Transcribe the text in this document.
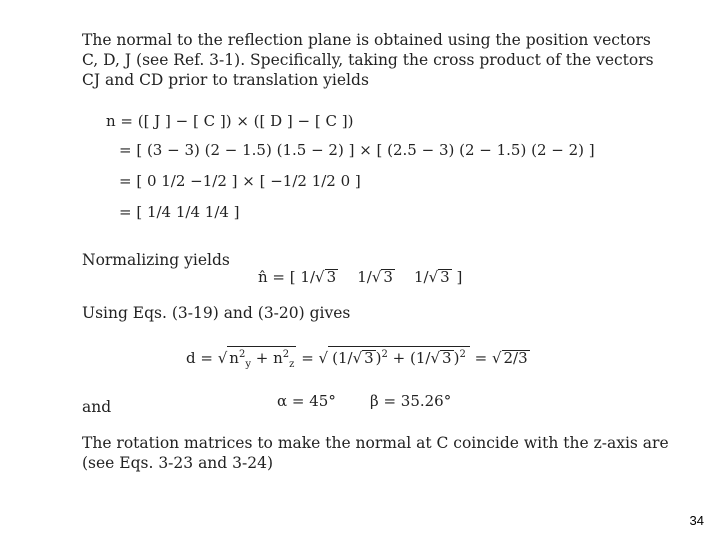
The normal to the reflection plane is obtained using the position vectors
C, D, J (see Ref. 3-1). Specifically, taking the cross product of the vectors
CJ and CD prior to translation yields
n = ([ J ] − [ C ]) × ([ D ] − [ C ])
= [ (3 − 3) (2 − 1.5) (1.5 − 2) ] × [ (2.5 − 3) (2 − 1.5) (2 − 2) ]
= [ 0 1/2 −1/2 ] × [ −1/2 1/2 0 ]
= [ 1/4 1/4 1/4 ]
Normalizing yields
n̂ = [ 1/√ 3 1/√ 3 1/√ 3 ]
Using Eqs. (3-19) and (3-20) gives
d = √ $n^2_y + n^2_z$ = √ (1/√ 3 )$^2$ + (1/√ 3 )$^2$ = √ 2/3
and	α = 45° β = 35.26°
The rotation matrices to make the normal at C coincide with the z-axis are
(see Eqs. 3-23 and 3-24)
34
